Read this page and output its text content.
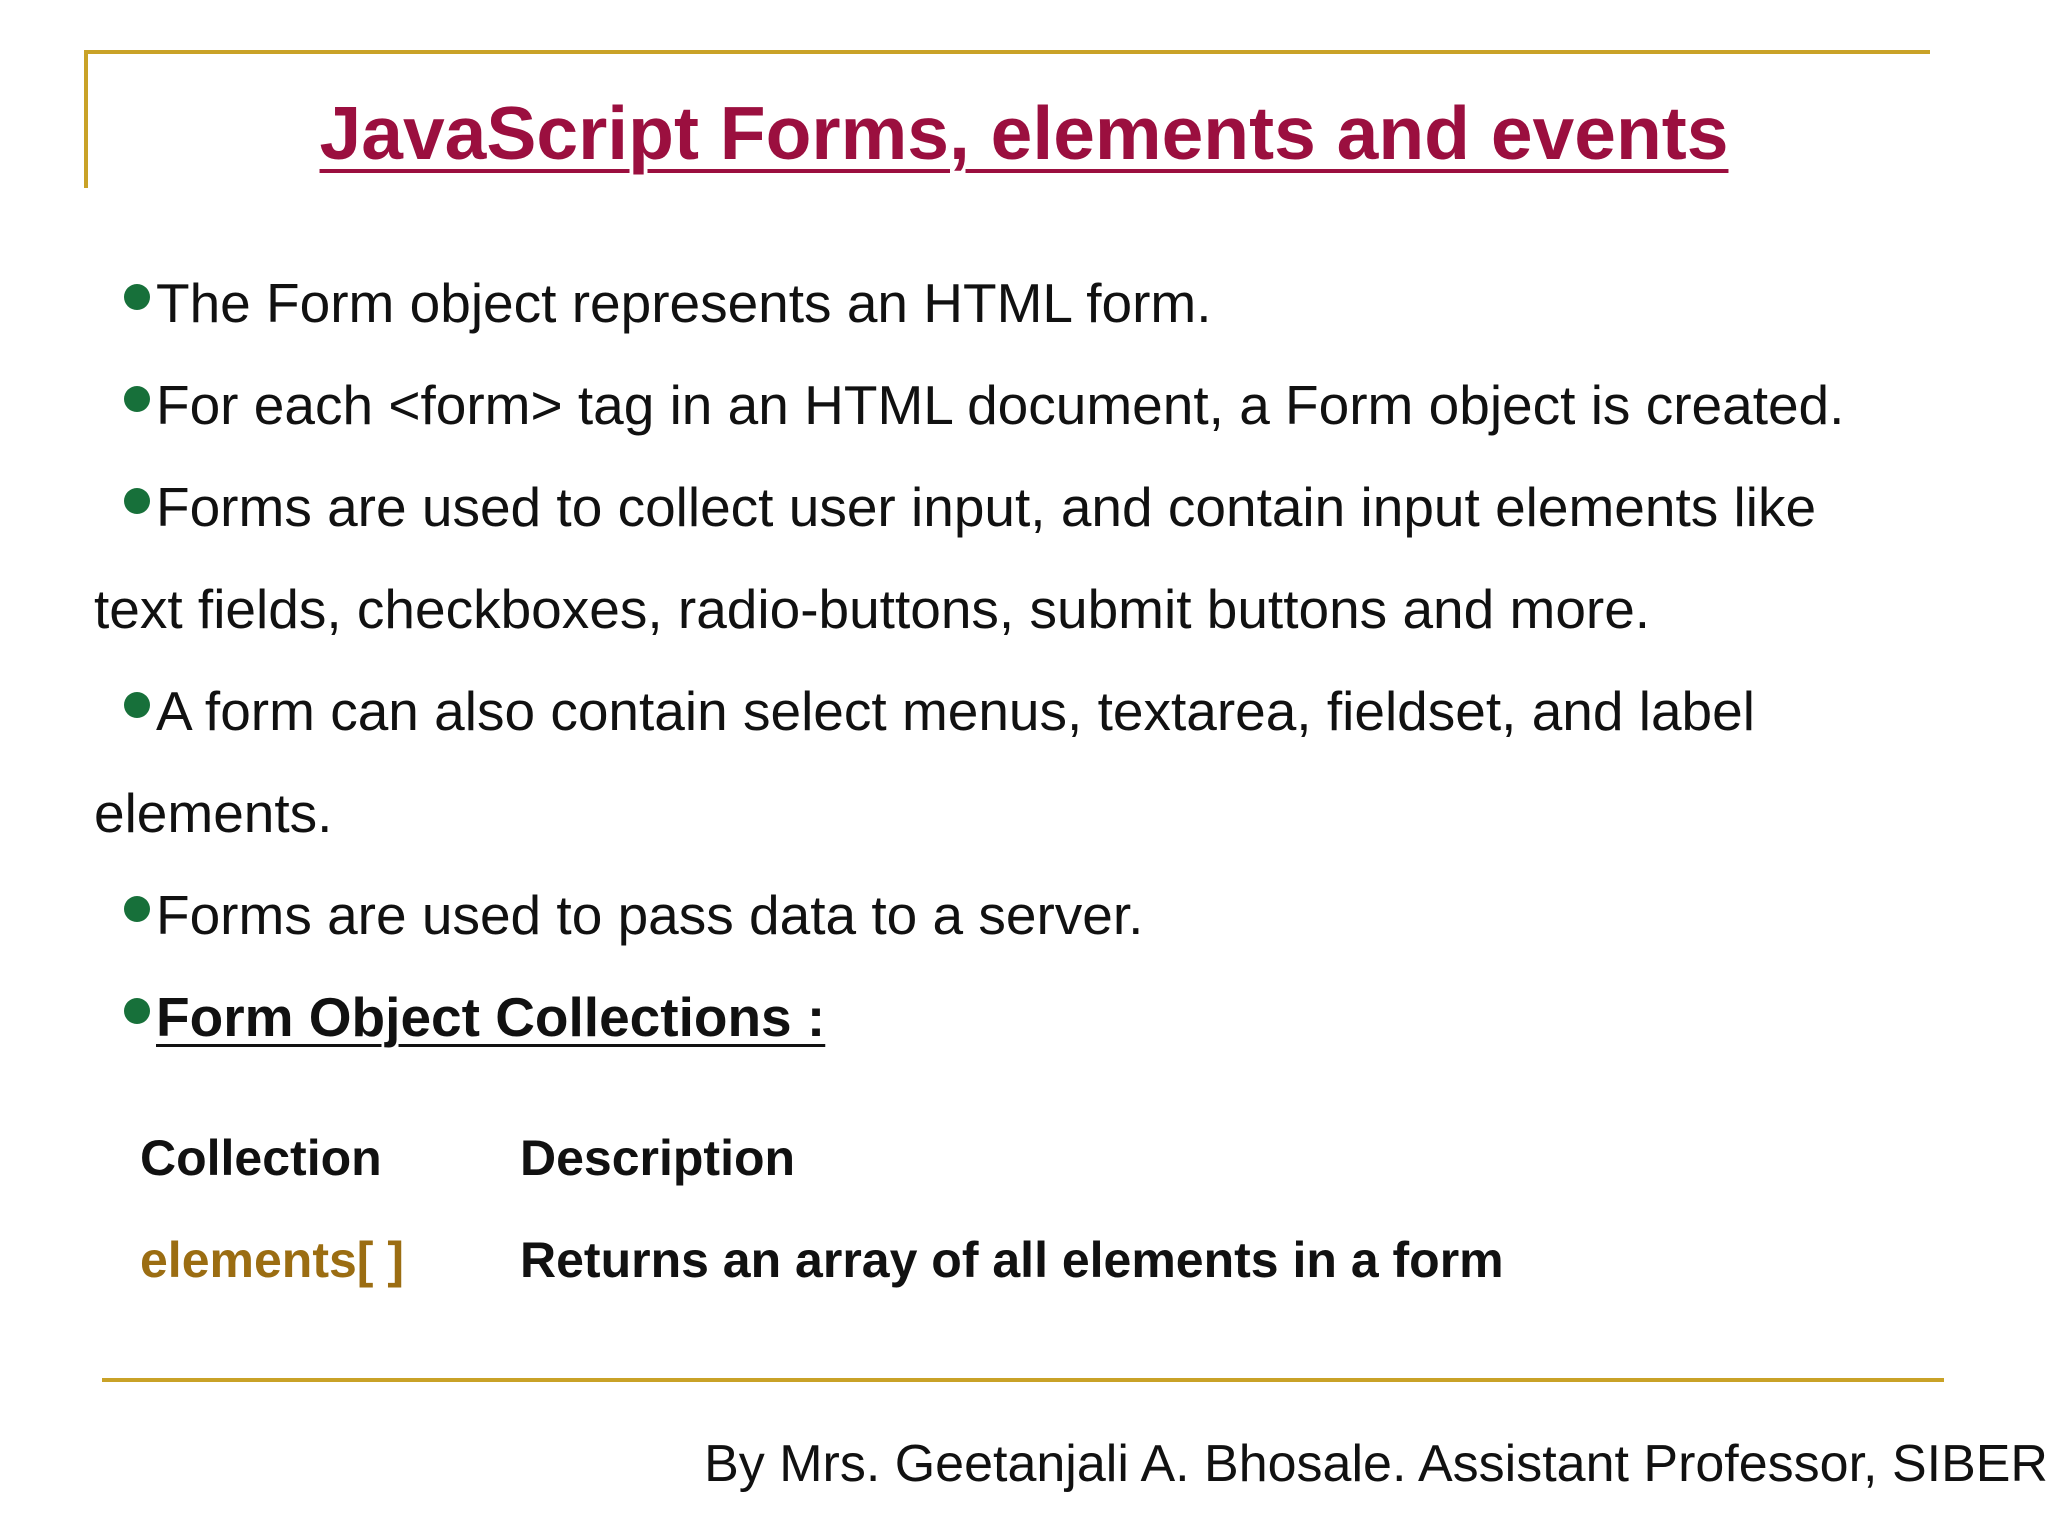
JavaScript Forms, elements and events

The Form object represents an HTML form.

For each <form> tag in an HTML document, a Form object is created.

Forms are used to collect user input, and contain input elements like

text fields, checkboxes, radio-buttons, submit buttons and more.

A form can also contain select menus, textarea, fieldset, and label

elements.

Forms are used to pass data to a server.

Form Object Collections :

Collection	Description
elements[ ] Returns an array of all elements in a form
By Mrs. Geetanjali A. Bhosale. Assistant Professor, SIBER
